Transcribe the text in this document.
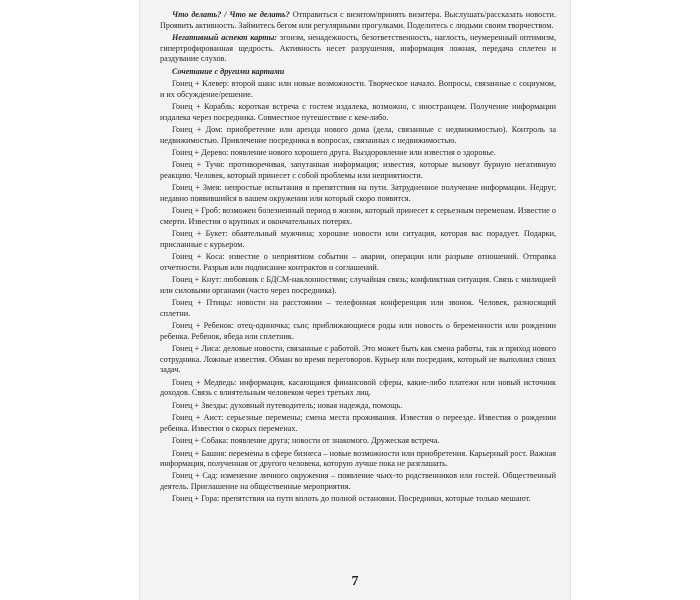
Что делать? / Что не делать? Отправиться с визитом/принять визитера. Выслушать/рассказать новости. Проявить активность. Займитесь бегом или регулярными прогулками. Поделитесь с людьми своим творчеством.

Негативный аспект карты: эгоизм, ненадежность, безответственность, наглость, неумеренный оптимизм, гипертрофированная щедрость. Активность несет разрушения, информация ложная, передача сплетен и раздувание слухов.

Сочетание с другими картами

Гонец + Клевер: второй шанс или новые возможности. Творческое начало. Вопросы, связанные с социумом, и их обсуждение/решение.

Гонец + Корабль: короткая встреча с гостем издалека, возможно, с иностранцем. Получение информации издалека через посредника. Совместное путешествие с кем-либо.

Гонец + Дом: приобретение или аренда нового дома (дела, связанные с недвижимостью). Контроль за недвижимостью. Привлечение посредника в вопросах, связанных с недвижимостью.

Гонец + Дерево: появление нового хорошего друга. Выздоровление или известия о здоровье.

Гонец + Тучи: противоречивая, запутанная информация; известия, которые вызовут бурную негативную реакцию. Человек, который принесет с собой проблемы или неприятности.

Гонец + Змея: непростые испытания и препятствия на пути. Затрудненное получение информации. Недруг, недавно появившийся в вашем окружении или который скоро появится.

Гонец + Гроб: возможен болезненный период в жизни, который принесет к серьезным переменам. Известие о смерти. Известия о крупных и окончательных потерях.

Гонец + Букет: обаятельный мужчина; хорошие новости или ситуация, которая вас порадует. Подарки, присланные с курьером.

Гонец + Коса: известие о неприятном событии – аварии, операции или разрыве отношений. Отправка отчетности. Разрыв или подписание контрактов и соглашений.

Гонец + Кнут: любовник с БДСМ-наклонностями; случайная связь; конфликтная ситуация. Связь с милицией или силовыми органами (часто через посредника).

Гонец + Птицы: новости на расстоянии – телефонная конференция или звонок. Человек, разносящий сплетни.

Гонец + Ребенок: отец-одиночка; сын; приближающиеся роды или новость о беременности или рождении ребенка. Ребенок, ябеда или сплетник.

Гонец + Лиса: деловые новости, связанные с работой. Это может быть как смена работы, так и приход нового сотрудника. Ложные известия. Обман во время переговоров. Курьер или посредник, который не выполнил своих задач.

Гонец + Медведь: информация, касающаяся финансовой сферы, какие-либо платежи или новый источник доходов. Связь с влиятельным человеком через третьих лиц.

Гонец + Звезды: духовный путеводитель; новая надежда, помощь.

Гонец + Аист: серьезные перемены; смена места проживания. Известия о переезде. Известия о рождении ребенка. Известия о скорых переменах.

Гонец + Собака: появление друга; новости от знакомого. Дружеская встреча.

Гонец + Башня: перемены в сфере бизнеса – новые возможности или приобретения. Карьерный рост. Важная информация, полученная от другого человека, которую лучше пока не разглашать.

Гонец + Сад: изменение личного окружения – появление чьих-то родственников или гостей. Общественный деятель. Приглашение на общественные мероприятия.

Гонец + Гора: препятствия на пути вплоть до полной остановки. Посредники, которые только мешают.

7
